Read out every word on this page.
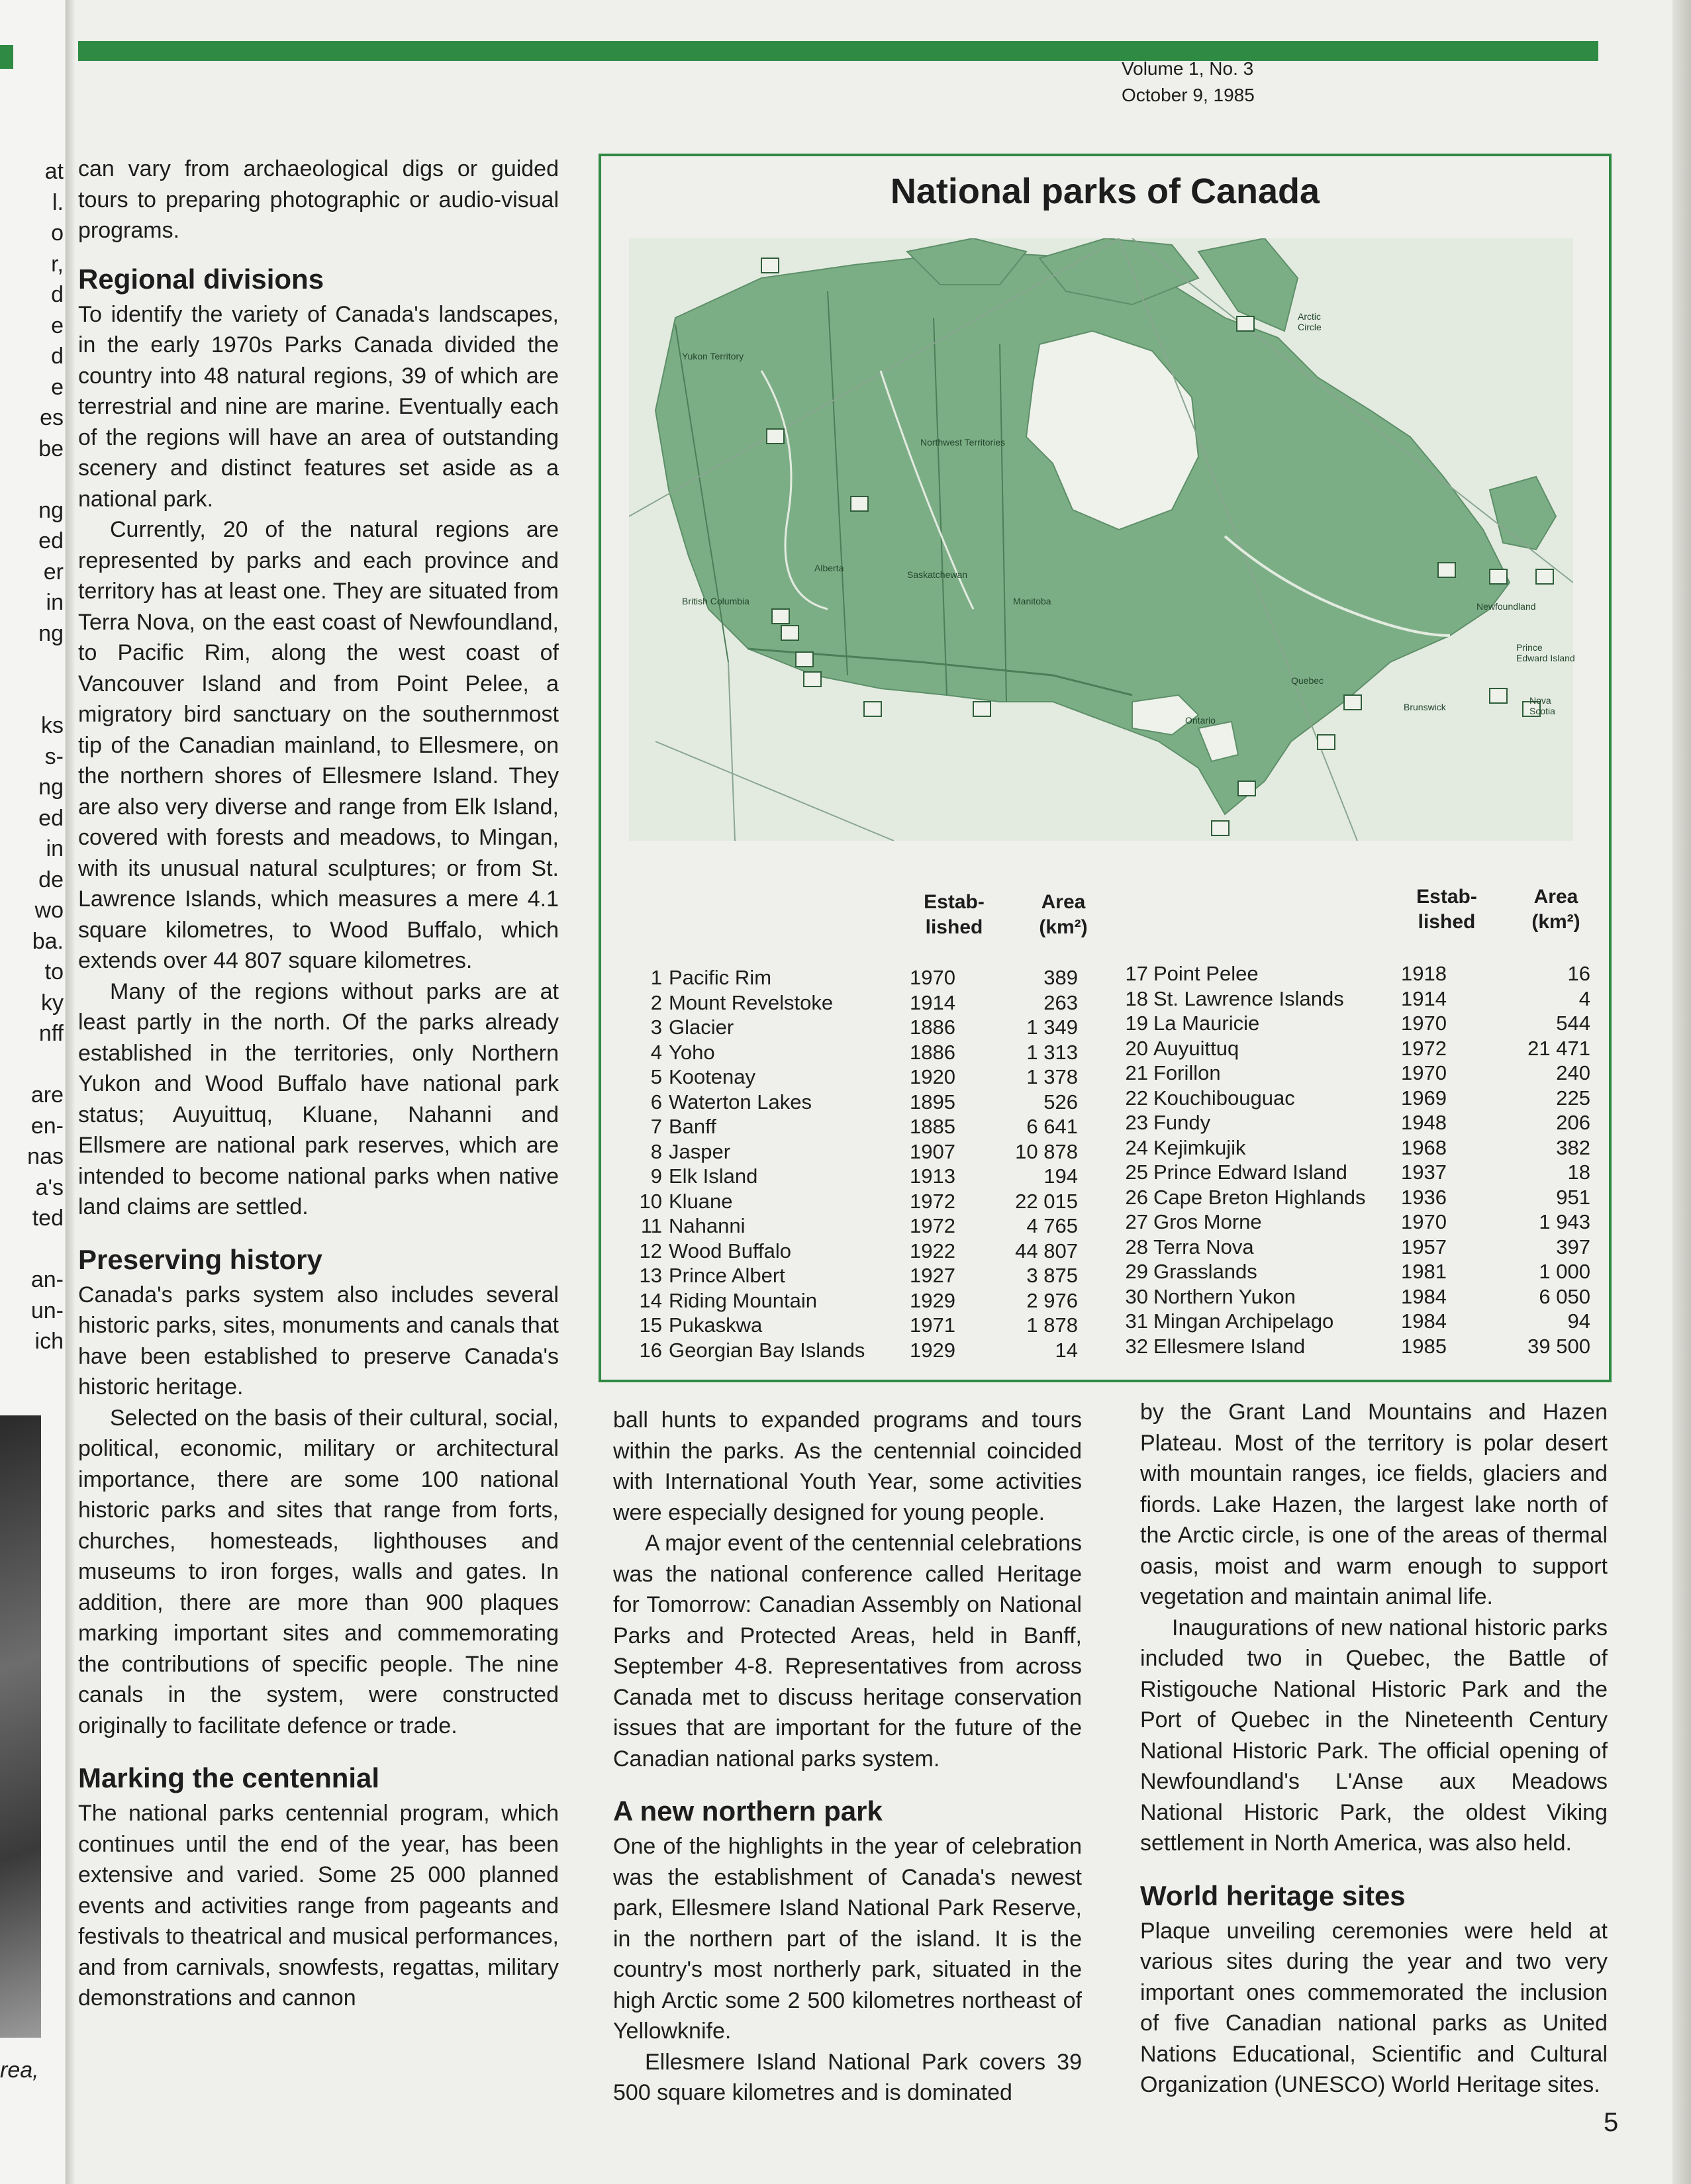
at
l.
o
r,
d
e
d
e
es
be

ng
ed
er
in
ng

ks
s-
ng
ed
in
de
wo
ba.
to
ky
nff

are
en-
nas
a's
ted

an-
un-
ich
rea,
Volume 1, No. 3
October 9, 1985

can vary from archaeological digs or guided tours to preparing photographic or audio-visual programs.

Regional divisions

To identify the variety of Canada's landscapes, in the early 1970s Parks Canada divided the country into 48 natural regions, 39 of which are terrestrial and nine are marine. Eventually each of the regions will have an area of outstanding scenery and distinct features set aside as a national park.

Currently, 20 of the natural regions are represented by parks and each province and territory has at least one. They are situated from Terra Nova, on the east coast of Newfoundland, to Pacific Rim, along the west coast of Vancouver Island and from Point Pelee, a migratory bird sanctuary on the southernmost tip of the Canadian mainland, to Ellesmere, on the northern shores of Ellesmere Island. They are also very diverse and range from Elk Island, covered with forests and meadows, to Mingan, with its unusual natural sculptures; or from St. Lawrence Islands, which measures a mere 4.1 square kilometres, to Wood Buffalo, which extends over 44 807 square kilometres.

Many of the regions without parks are at least partly in the north. Of the parks already established in the territories, only Northern Yukon and Wood Buffalo have national park status; Auyuittuq, Kluane, Nahanni and Ellsmere are national park reserves, which are intended to become national parks when native land claims are settled.

Preserving history

Canada's parks system also includes several historic parks, sites, monuments and canals that have been established to preserve Canada's historic heritage.

Selected on the basis of their cultural, social, political, economic, military or architectural importance, there are some 100 national historic parks and sites that range from forts, churches, homesteads, lighthouses and museums to iron forges, walls and gates. In addition, there are more than 900 plaques marking important sites and commemorating the contributions of specific people. The nine canals in the system, were constructed originally to facilitate defence or trade.

Marking the centennial

The national parks centennial program, which continues until the end of the year, has been extensive and varied. Some 25 000 planned events and activities range from pageants and festivals to theatrical and musical performances, and from carnivals, snowfests, regattas, military demonstrations and cannon

National parks of Canada
Yukon Territory
Northwest Territories
British Columbia
Alberta
Saskatchewan
Manitoba
Ontario
Quebec
Newfoundland
Prince Edward Island
Nova Scotia
Brunswick
Arctic Circle
Estab-
lished
Area
(km²)
Estab-
lished
Area
(km²)
1 Pacific Rim	1970	389
2 Mount Revelstoke	1914	263
3 Glacier	1886	1 349
4 Yoho	1886	1 313
5 Kootenay	1920	1 378
6 Waterton Lakes	1895	526
7 Banff	1885	6 641
8 Jasper	1907	10 878
9 Elk Island	1913	194
10 Kluane	1972	22 015
11 Nahanni	1972	4 765
12 Wood Buffalo	1922	44 807
13 Prince Albert	1927	3 875
14 Riding Mountain	1929	2 976
15 Pukaskwa	1971	1 878
16 Georgian Bay Islands	1929	14
17 Point Pelee	1918	16
18 St. Lawrence Islands	1914	4
19 La Mauricie	1970	544
20 Auyuittuq	1972	21 471
21 Forillon	1970	240
22 Kouchibouguac	1969	225
23 Fundy	1948	206
24 Kejimkujik	1968	382
25 Prince Edward Island	1937	18
26 Cape Breton Highlands	1936	951
27 Gros Morne	1970	1 943
28 Terra Nova	1957	397
29 Grasslands	1981	1 000
30 Northern Yukon	1984	6 050
31 Mingan Archipelago	1984	94
32 Ellesmere Island	1985	39 500

ball hunts to expanded programs and tours within the parks. As the centennial coincided with International Youth Year, some activities were especially designed for young people.

A major event of the centennial celebrations was the national conference called Heritage for Tomorrow: Canadian Assembly on National Parks and Protected Areas, held in Banff, September 4-8. Representatives from across Canada met to discuss heritage conservation issues that are important for the future of the Canadian national parks system.

A new northern park

One of the highlights in the year of celebration was the establishment of Canada's newest park, Ellesmere Island National Park Reserve, in the northern part of the island. It is the country's most northerly park, situated in the high Arctic some 2 500 kilometres northeast of Yellowknife.

Ellesmere Island National Park covers 39 500 square kilometres and is dominated

by the Grant Land Mountains and Hazen Plateau. Most of the territory is polar desert with mountain ranges, ice fields, glaciers and fiords. Lake Hazen, the largest lake north of the Arctic circle, is one of the areas of thermal oasis, moist and warm enough to support vegetation and maintain animal life.

Inaugurations of new national historic parks included two in Quebec, the Battle of Ristigouche National Historic Park and the Port of Quebec in the Nineteenth Century National Historic Park. The official opening of Newfoundland's L'Anse aux Meadows National Historic Park, the oldest Viking settlement in North America, was also held.

World heritage sites

Plaque unveiling ceremonies were held at various sites during the year and two very important ones commemorated the inclusion of five Canadian national parks as United Nations Educational, Scientific and Cultural Organization (UNESCO) World Heritage sites.

5
